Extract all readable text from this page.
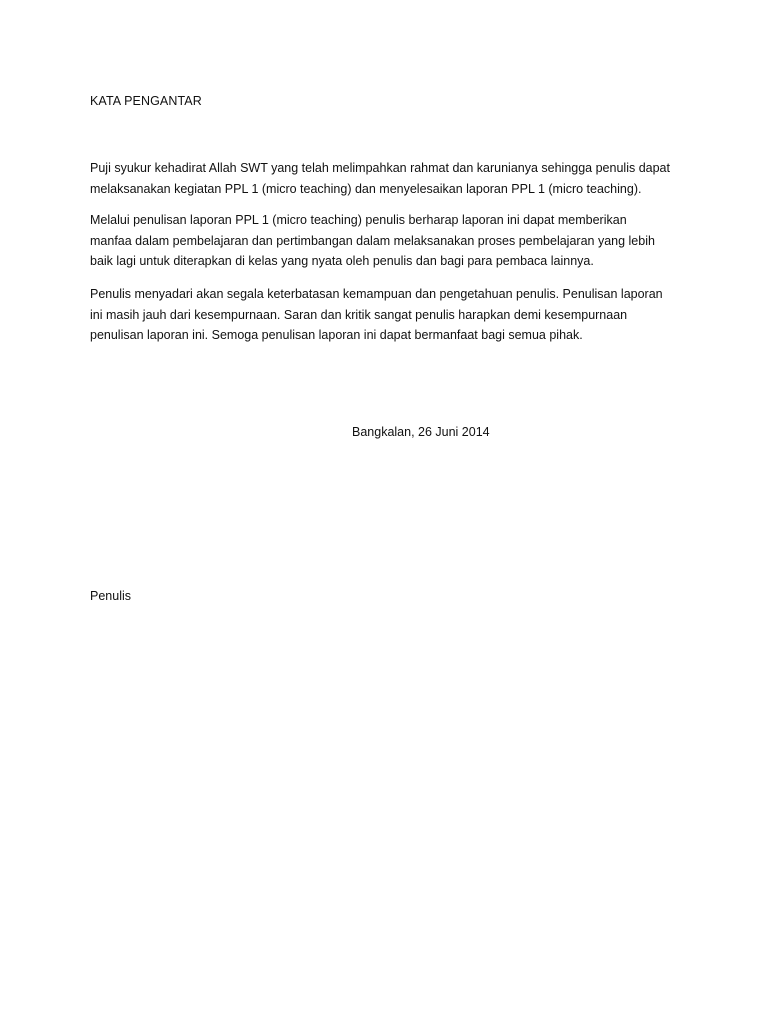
KATA PENGANTAR

Puji syukur kehadirat Allah SWT yang telah melimpahkan rahmat dan karunianya sehingga penulis dapat
melaksanakan kegiatan PPL 1 (micro teaching) dan menyelesaikan laporan PPL 1 (micro teaching).

Melalui penulisan laporan PPL 1 (micro teaching) penulis berharap laporan ini dapat memberikan
manfaa dalam pembelajaran dan pertimbangan dalam melaksanakan proses pembelajaran yang lebih
baik lagi untuk diterapkan di kelas yang nyata oleh penulis dan bagi para pembaca lainnya.

Penulis menyadari akan segala keterbatasan kemampuan dan pengetahuan penulis. Penulisan laporan
ini masih jauh dari kesempurnaan. Saran dan kritik sangat penulis harapkan demi kesempurnaan
penulisan laporan ini. Semoga penulisan laporan ini dapat bermanfaat bagi semua pihak.

Bangkalan, 26 Juni 2014

Penulis
